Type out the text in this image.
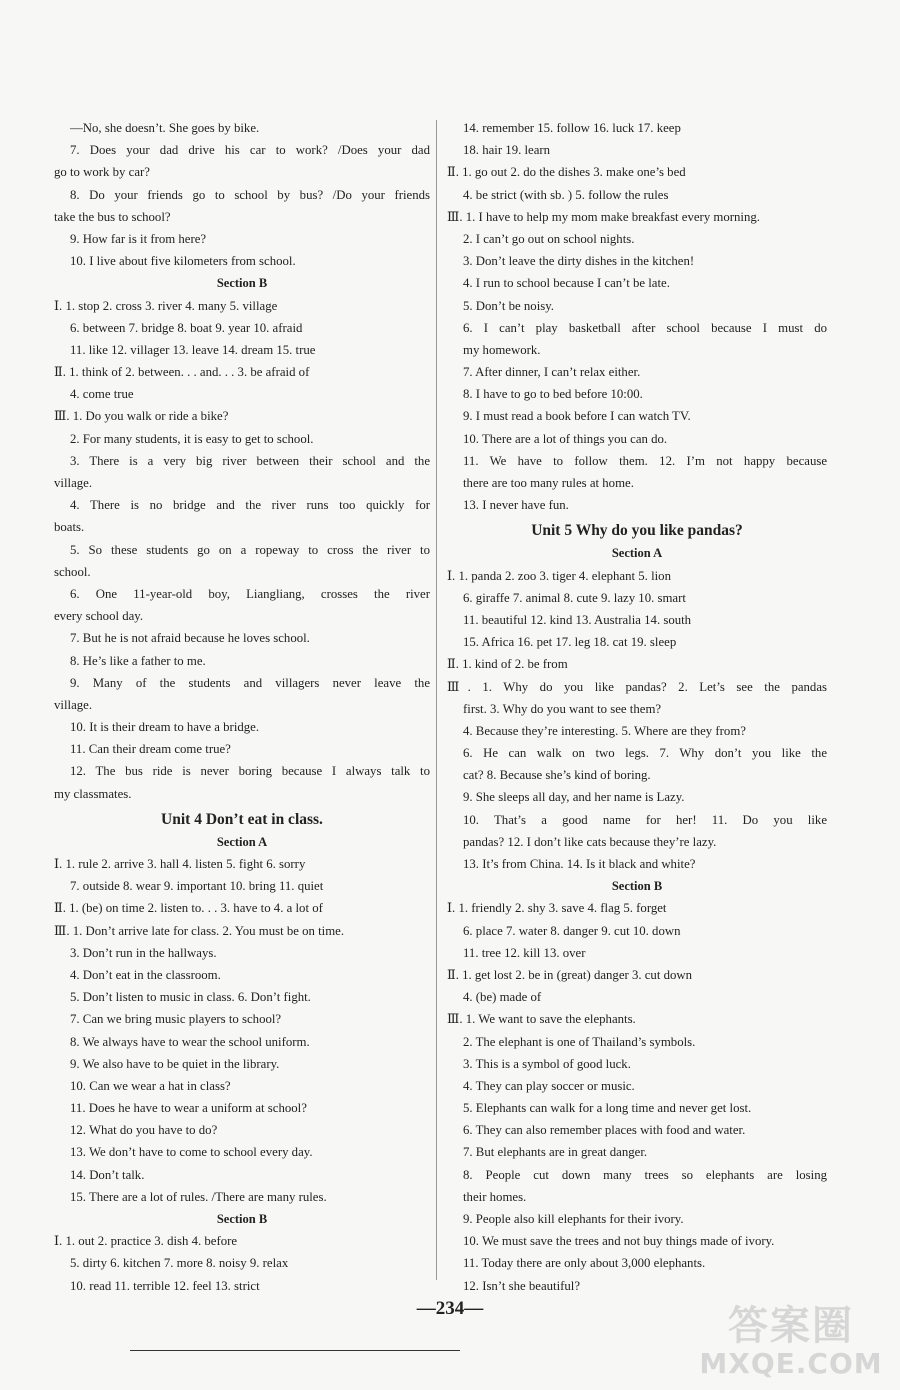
—No, she doesn’t. She goes by bike.
7. Does your dad drive his car to work? /Does your dad
go to work by car?
8. Do your friends go to school by bus? /Do your friends
take the bus to school?
9. How far is it from here?
10. I live about five kilometers from school.
Section B
Ⅰ. 1. stop 2. cross 3. river 4. many 5. village
6. between 7. bridge 8. boat 9. year 10. afraid
11. like 12. villager 13. leave 14. dream 15. true
Ⅱ. 1. think of 2. between. . . and. . . 3. be afraid of
4. come true
Ⅲ. 1. Do you walk or ride a bike?
2. For many students, it is easy to get to school.
3. There is a very big river between their school and the
village.
4. There is no bridge and the river runs too quickly for
boats.
5. So these students go on a ropeway to cross the river to
school.
6. One 11-year-old boy, Liangliang, crosses the river
every school day.
7. But he is not afraid because he loves school.
8. He’s like a father to me.
9. Many of the students and villagers never leave the
village.
10. It is their dream to have a bridge.
11. Can their dream come true?
12. The bus ride is never boring because I always talk to
my classmates.
Unit 4 Don’t eat in class.
Section A
Ⅰ. 1. rule 2. arrive 3. hall 4. listen 5. fight 6. sorry
7. outside 8. wear 9. important 10. bring 11. quiet
Ⅱ. 1. (be) on time 2. listen to. . . 3. have to 4. a lot of
Ⅲ. 1. Don’t arrive late for class. 2. You must be on time.
3. Don’t run in the hallways.
4. Don’t eat in the classroom.
5. Don’t listen to music in class. 6. Don’t fight.
7. Can we bring music players to school?
8. We always have to wear the school uniform.
9. We also have to be quiet in the library.
10. Can we wear a hat in class?
11. Does he have to wear a uniform at school?
12. What do you have to do?
13. We don’t have to come to school every day.
14. Don’t talk.
15. There are a lot of rules. /There are many rules.
Section B
Ⅰ. 1. out 2. practice 3. dish 4. before
5. dirty 6. kitchen 7. more 8. noisy 9. relax
10. read 11. terrible 12. feel 13. strict
14. remember 15. follow 16. luck 17. keep
18. hair 19. learn
Ⅱ. 1. go out 2. do the dishes 3. make one’s bed
4. be strict (with sb. ) 5. follow the rules
Ⅲ. 1. I have to help my mom make breakfast every morning.
2. I can’t go out on school nights.
3. Don’t leave the dirty dishes in the kitchen!
4. I run to school because I can’t be late.
5. Don’t be noisy.
6. I can’t play basketball after school because I must do
my homework.
7. After dinner, I can’t relax either.
8. I have to go to bed before 10:00.
9. I must read a book before I can watch TV.
10. There are a lot of things you can do.
11. We have to follow them. 12. I’m not happy because
there are too many rules at home.
13. I never have fun.
Unit 5 Why do you like pandas?
Section A
Ⅰ. 1. panda 2. zoo 3. tiger 4. elephant 5. lion
6. giraffe 7. animal 8. cute 9. lazy 10. smart
11. beautiful 12. kind 13. Australia 14. south
15. Africa 16. pet 17. leg 18. cat 19. sleep
Ⅱ. 1. kind of 2. be from
Ⅲ. 1. Why do you like pandas? 2. Let’s see the pandas
first. 3. Why do you want to see them?
4. Because they’re interesting. 5. Where are they from?
6. He can walk on two legs. 7. Why don’t you like the
cat? 8. Because she’s kind of boring.
9. She sleeps all day, and her name is Lazy.
10. That’s a good name for her! 11. Do you like
pandas? 12. I don’t like cats because they’re lazy.
13. It’s from China. 14. Is it black and white?
Section B
Ⅰ. 1. friendly 2. shy 3. save 4. flag 5. forget
6. place 7. water 8. danger 9. cut 10. down
11. tree 12. kill 13. over
Ⅱ. 1. get lost 2. be in (great) danger 3. cut down
4. (be) made of
Ⅲ. 1. We want to save the elephants.
2. The elephant is one of Thailand’s symbols.
3. This is a symbol of good luck.
4. They can play soccer or music.
5. Elephants can walk for a long time and never get lost.
6. They can also remember places with food and water.
7. But elephants are in great danger.
8. People cut down many trees so elephants are losing
their homes.
9. People also kill elephants for their ivory.
10. We must save the trees and not buy things made of ivory.
11. Today there are only about 3,000 elephants.
12. Isn’t she beautiful?
—234—	答案圈
MXQE.COM
